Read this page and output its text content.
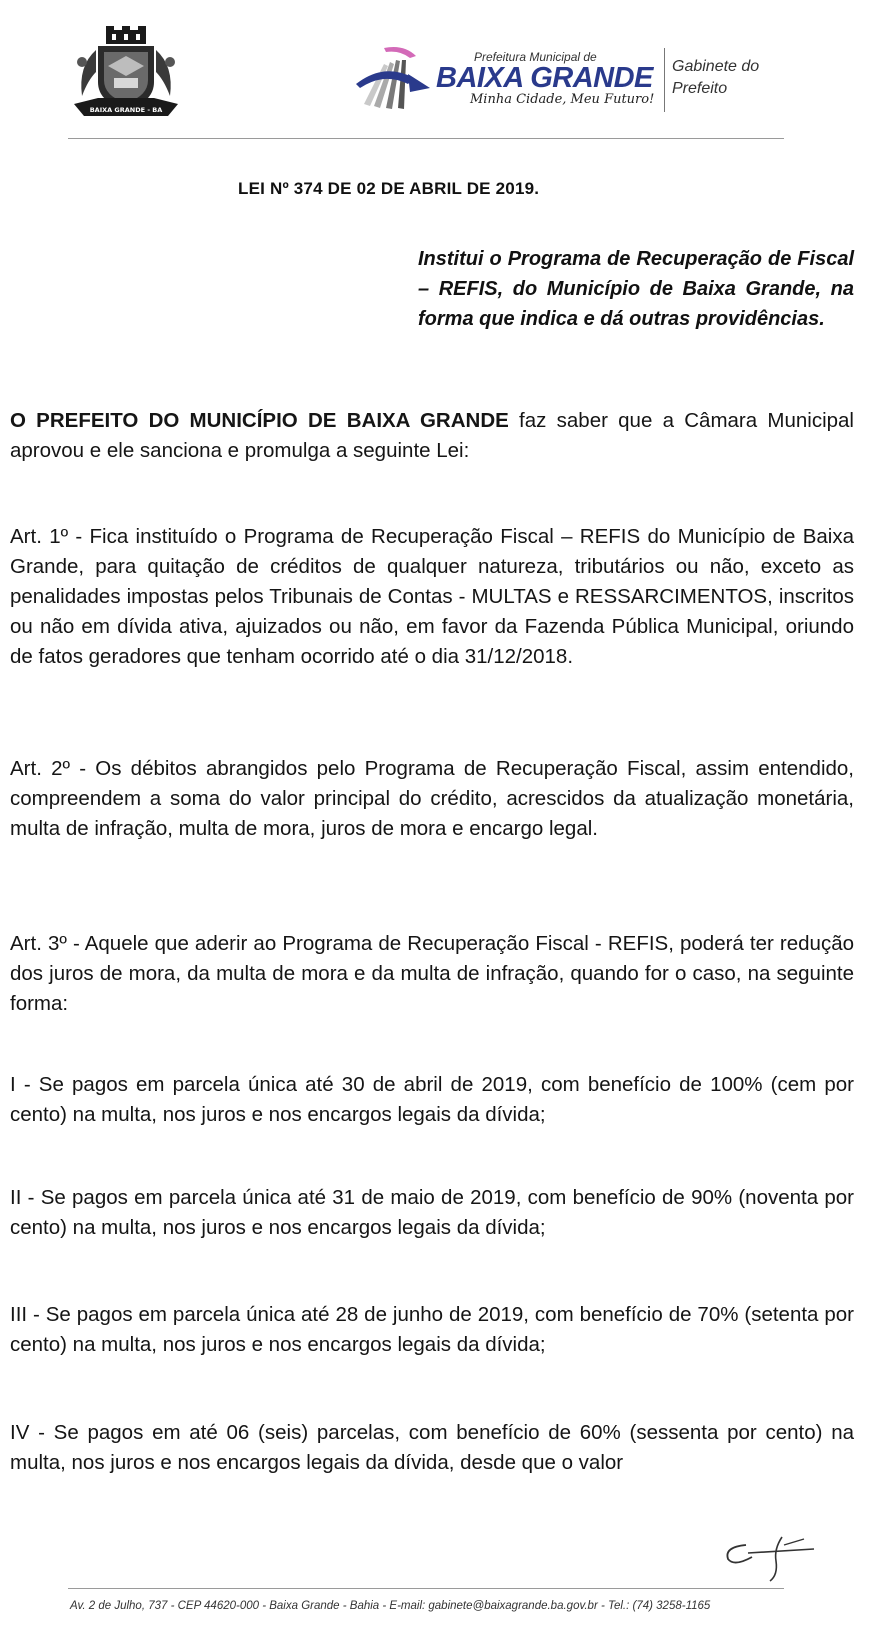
BAIXA GRANDE - BA
Prefeitura Municipal de
BAIXA GRANDE
Minha Cidade, Meu Futuro!
Gabinete do Prefeito
LEI Nº 374 DE 02 DE ABRIL DE 2019.
Institui o Programa de Recuperação de Fiscal – REFIS, do Município de Baixa Grande, na forma que indica e dá outras providências.
O PREFEITO DO MUNICÍPIO DE BAIXA GRANDE faz saber que a Câmara Municipal aprovou e ele sanciona e promulga a seguinte Lei:
Art. 1º - Fica instituído o Programa de Recuperação Fiscal – REFIS do Município de Baixa Grande, para quitação de créditos de qualquer natureza, tributários ou não, exceto as penalidades impostas pelos Tribunais de Contas - MULTAS e RESSARCIMENTOS, inscritos ou não em dívida ativa, ajuizados ou não, em favor da Fazenda Pública Municipal, oriundo de fatos geradores que tenham ocorrido até o dia 31/12/2018.
Art. 2º - Os débitos abrangidos pelo Programa de Recuperação Fiscal, assim entendido, compreendem a soma do valor principal do crédito, acrescidos da atualização monetária, multa de infração, multa de mora, juros de mora e encargo legal.
Art. 3º - Aquele que aderir ao Programa de Recuperação Fiscal - REFIS, poderá ter redução dos juros de mora, da multa de mora e da multa de infração, quando for o caso, na seguinte forma:
I - Se pagos em parcela única até 30 de abril de 2019, com benefício de 100% (cem por cento) na multa, nos juros e nos encargos legais da dívida;
II - Se pagos em parcela única até 31 de maio de 2019, com benefício de 90% (noventa por cento) na multa, nos juros e nos encargos legais da dívida;
III - Se pagos em parcela única até 28 de junho de 2019, com benefício de 70% (setenta por cento) na multa, nos juros e nos encargos legais da dívida;
IV - Se pagos em até 06 (seis) parcelas, com benefício de 60% (sessenta por cento) na multa, nos juros e nos encargos legais da dívida, desde que o valor
Av. 2 de Julho, 737 - CEP 44620-000 - Baixa Grande - Bahia - E-mail: gabinete@baixagrande.ba.gov.br - Tel.: (74) 3258-1165
